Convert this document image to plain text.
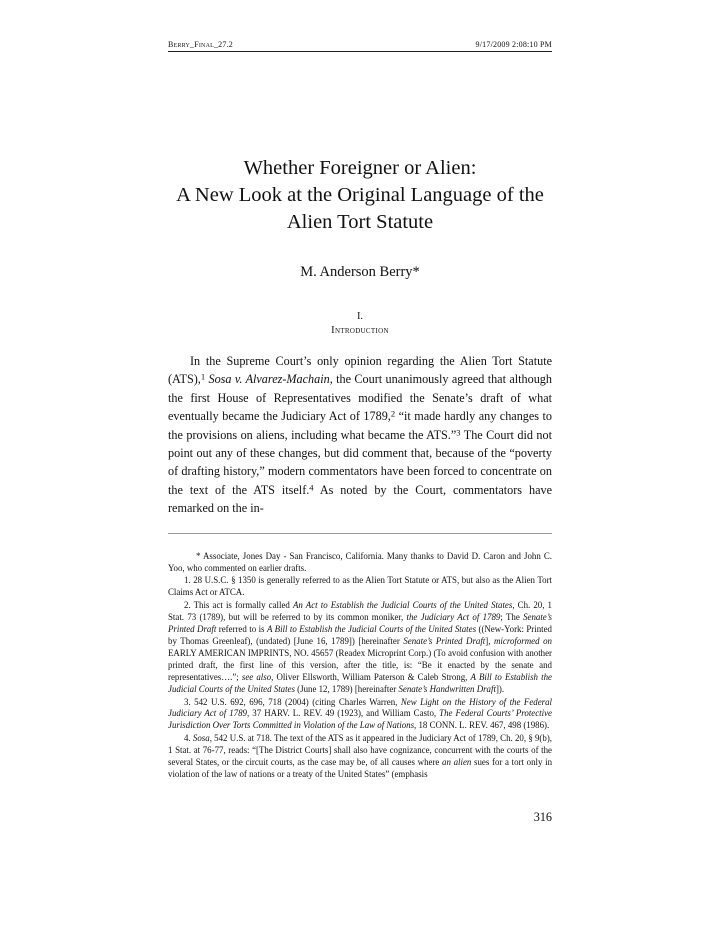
Berry_Final_27.2	9/17/2009 2:08:10 PM
Whether Foreigner or Alien:
A New Look at the Original Language of the
Alien Tort Statute
M. Anderson Berry*
I.
Introduction

In the Supreme Court’s only opinion regarding the Alien Tort Statute (ATS),$^1$ Sosa v. Alvarez-Machain, the Court unanimously agreed that although the first House of Representatives modified the Senate’s draft of what eventually became the Judiciary Act of 1789,$^2$ “it made hardly any changes to the provisions on aliens, including what became the ATS.”$^3$ The Court did not point out any of these changes, but did comment that, because of the “poverty of drafting history,” modern commentators have been forced to concentrate on the text of the ATS itself.$^4$ As noted by the Court, commentators have remarked on the in-

* Associate, Jones Day - San Francisco, California. Many thanks to David D. Caron and John C. Yoo, who commented on earlier drafts.

1. 28 U.S.C. § 1350 is generally referred to as the Alien Tort Statute or ATS, but also as the Alien Tort Claims Act or ATCA.

2. This act is formally called An Act to Establish the Judicial Courts of the United States, Ch. 20, 1 Stat. 73 (1789), but will be referred to by its common moniker, the Judiciary Act of 1789; The Senate’s Printed Draft referred to is A Bill to Establish the Judicial Courts of the United States ((New-York: Printed by Thomas Greenleaf), (undated) [June 16, 1789]) [hereinafter Senate’s Printed Draft], microformed on EARLY AMERICAN IMPRINTS, NO. 45657 (Readex Microprint Corp.) (To avoid confusion with another printed draft, the first line of this version, after the title, is: “Be it enacted by the senate and representatives….”; see also, Oliver Ellsworth, William Paterson & Caleb Strong, A Bill to Establish the Judicial Courts of the United States (June 12, 1789) [hereinafter Senate’s Handwritten Draft]).

3. 542 U.S. 692, 696, 718 (2004) (citing Charles Warren, New Light on the History of the Federal Judiciary Act of 1789, 37 HARV. L. REV. 49 (1923), and William Casto, The Federal Courts’ Protective Jurisdiction Over Torts Committed in Violation of the Law of Nations, 18 CONN. L. REV. 467, 498 (1986).

4. Sosa, 542 U.S. at 718. The text of the ATS as it appeared in the Judiciary Act of 1789, Ch. 20, § 9(b), 1 Stat. at 76-77, reads: “[The District Courts] shall also have cognizance, concurrent with the courts of the several States, or the circuit courts, as the case may be, of all causes where an alien sues for a tort only in violation of the law of nations or a treaty of the United States” (emphasis

316
